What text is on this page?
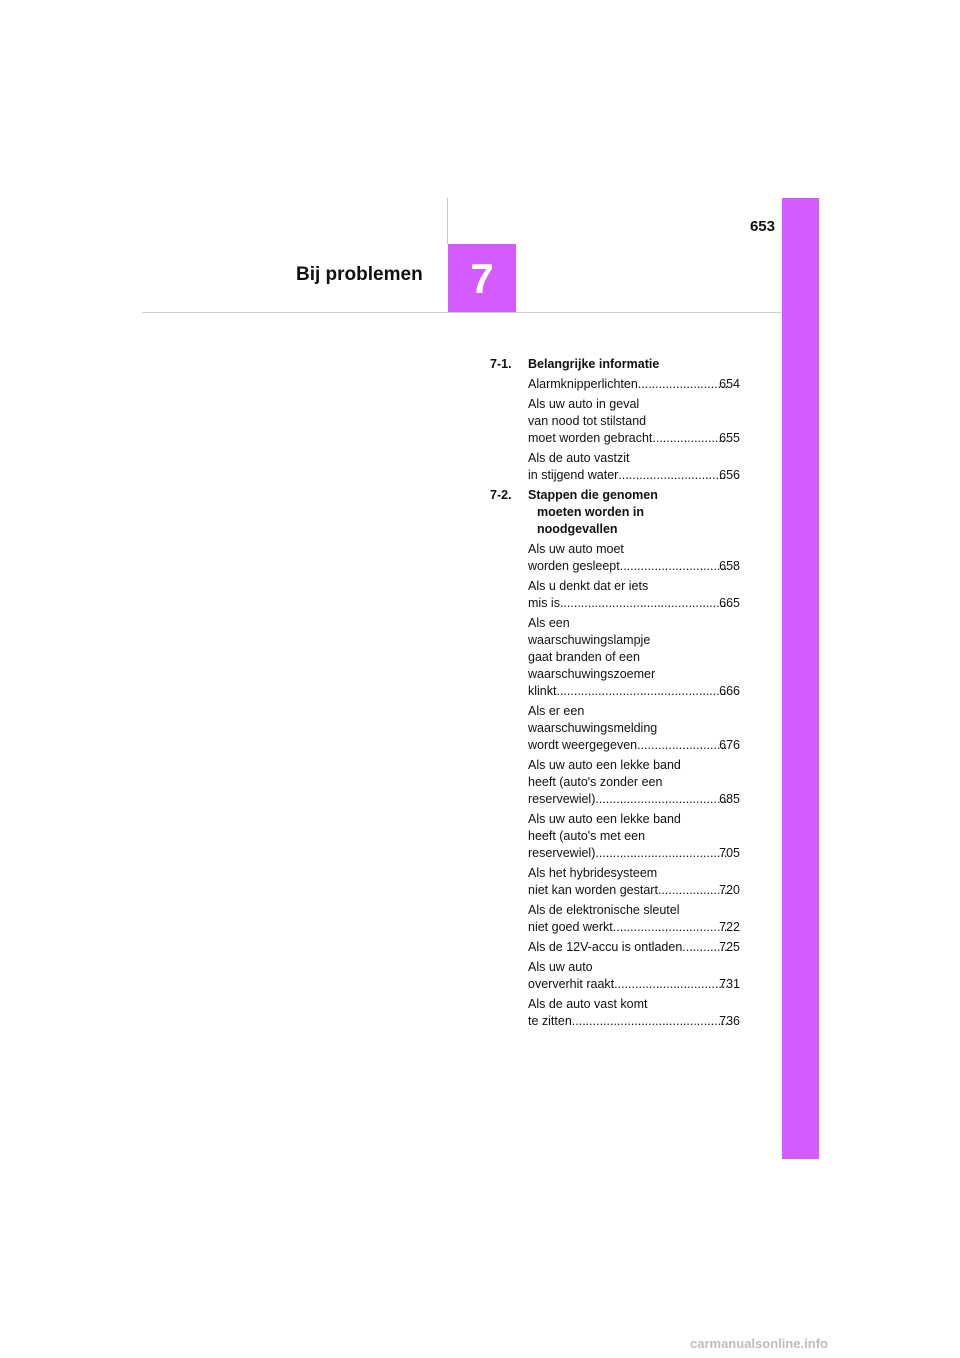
653
Bij problemen 7
7-1.	Belangrijke informatie
Alarmknipperlichten .....	654
Als uw auto in geval
van nood tot stilstand
moet worden gebracht .....	655
Als de auto vastzit
in stijgend water .....	656
7-2.	Stappen die genomen
moeten worden in
noodgevallen
Als uw auto moet
worden gesleept .....	658
Als u denkt dat er iets
mis is .....	665
Als een
waarschuwingslampje
gaat branden of een
waarschuwingszoemer
klinkt .....	666
Als er een
waarschuwingsmelding
wordt weergegeven .....	676
Als uw auto een lekke band
heeft (auto's zonder een
reservewiel) .....	685
Als uw auto een lekke band
heeft (auto's met een
reservewiel) .....	705
Als het hybridesysteem
niet kan worden gestart .....	720
Als de elektronische sleutel
niet goed werkt .....	722
Als de 12V-accu is ontladen .....	725
Als uw auto
oververhit raakt .....	731
Als de auto vast komt
te zitten .....	736
carmanualsonline.info
